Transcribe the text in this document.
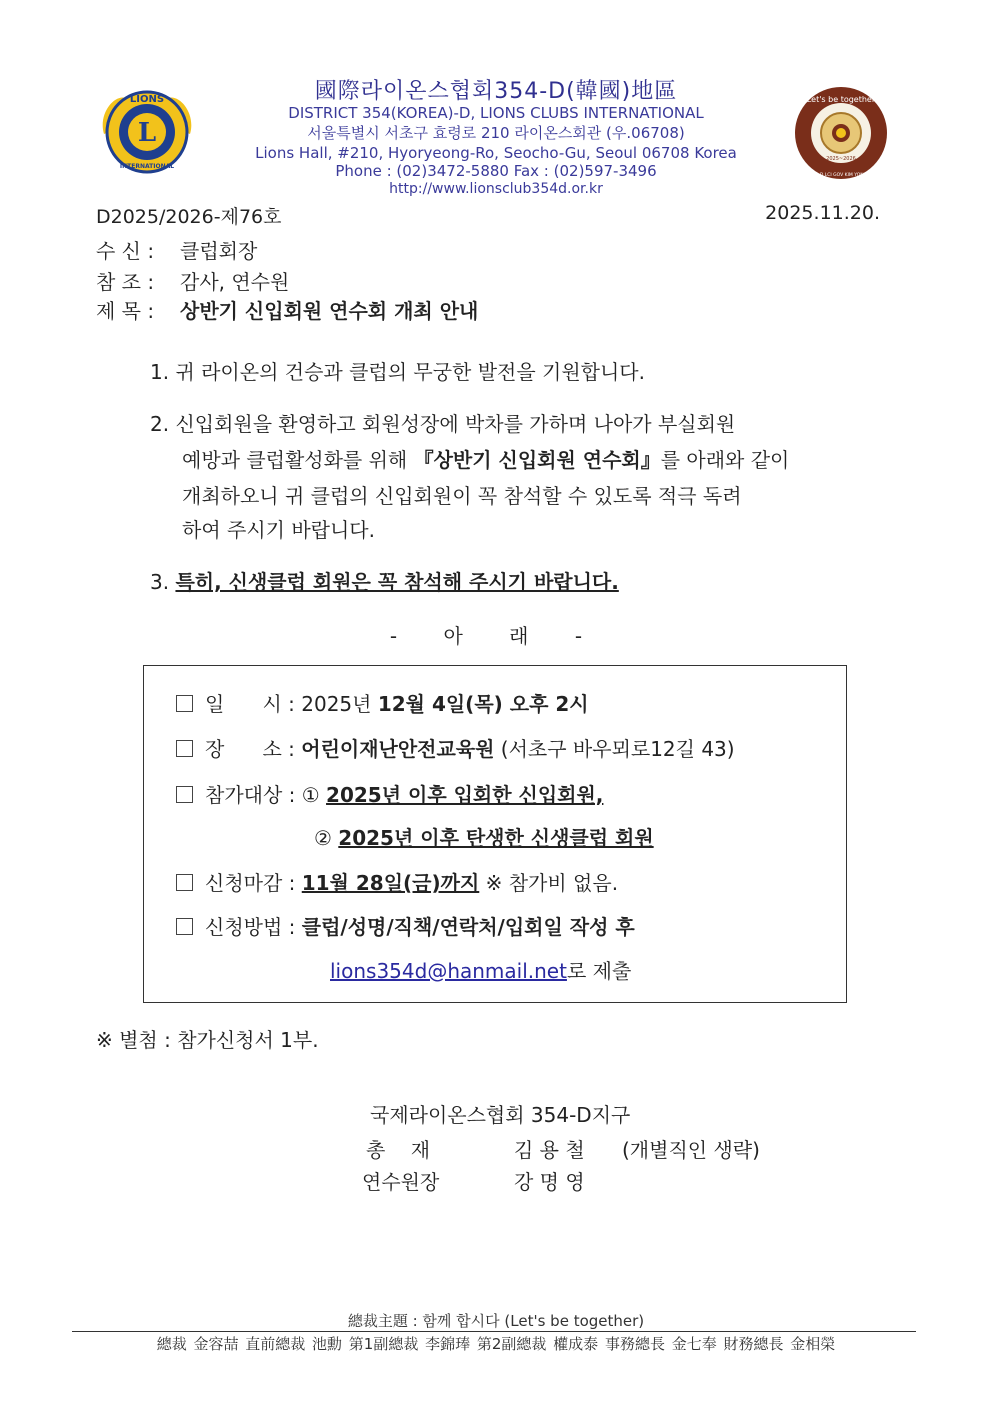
L
LIONS
INTERNATIONAL
Let's be together
DIST 354-D LCI GOV KIM YONG-CHEOL
2025~2026
國際라이온스협회354-D(韓國)地區
DISTRICT 354(KOREA)-D, LIONS CLUBS INTERNATIONAL
서울특별시 서초구 효령로 210 라이온스회관 (우.06708)
Lions Hall, #210, Hyoryeong-Ro, Seocho-Gu, Seoul 06708 Korea
Phone : (02)3472-5880 Fax : (02)597-3496
http://www.lionsclub354d.or.kr
D2025/2026-제76호	2025.11.20.
수 신 : 클럽회장
참 조 : 감사, 연수원
제 목 : 상반기 신입회원 연수회 개최 안내
1. 귀 라이온의 건승과 클럽의 무궁한 발전을 기원합니다.
2. 신입회원을 환영하고 회원성장에 박차를 가하며 나아가 부실회원
예방과 클럽활성화를 위해 『상반기 신입회원 연수회』를 아래와 같이
개최하오니 귀 클럽의 신입회원이 꼭 참석할 수 있도록 적극 독려
하여 주시기 바랍니다.
3. 특히, 신생클럽 회원은 꼭 참석해 주시기 바랍니다.
- 아 래 -
일      시 : 2025년 12월 4일(목) 오후 2시
장      소 : 어린이재난안전교육원 (서초구 바우뫼로12길 43)
참가대상 : ① 2025년 이후 입회한 신입회원,
② 2025년 이후 탄생한 신생클럽 회원
신청마감 : 11월 28일(금)까지 ※ 참가비 없음.
신청방법 : 클럽/성명/직책/연락처/입회일 작성 후
lions354d@hanmail.net로 제출
※ 별첨 : 참가신청서 1부.
국제라이온스협회 354-D지구
총    재	김 용 철 (개별직인 생략)
연수원장	강 명 영
總裁主題 : 함께 합시다 (Let's be together)
總裁 金容喆 直前總裁 池勳 第1副總裁 李錦琫 第2副總裁 權成泰 事務總長 金七奉 財務總長 金相榮
